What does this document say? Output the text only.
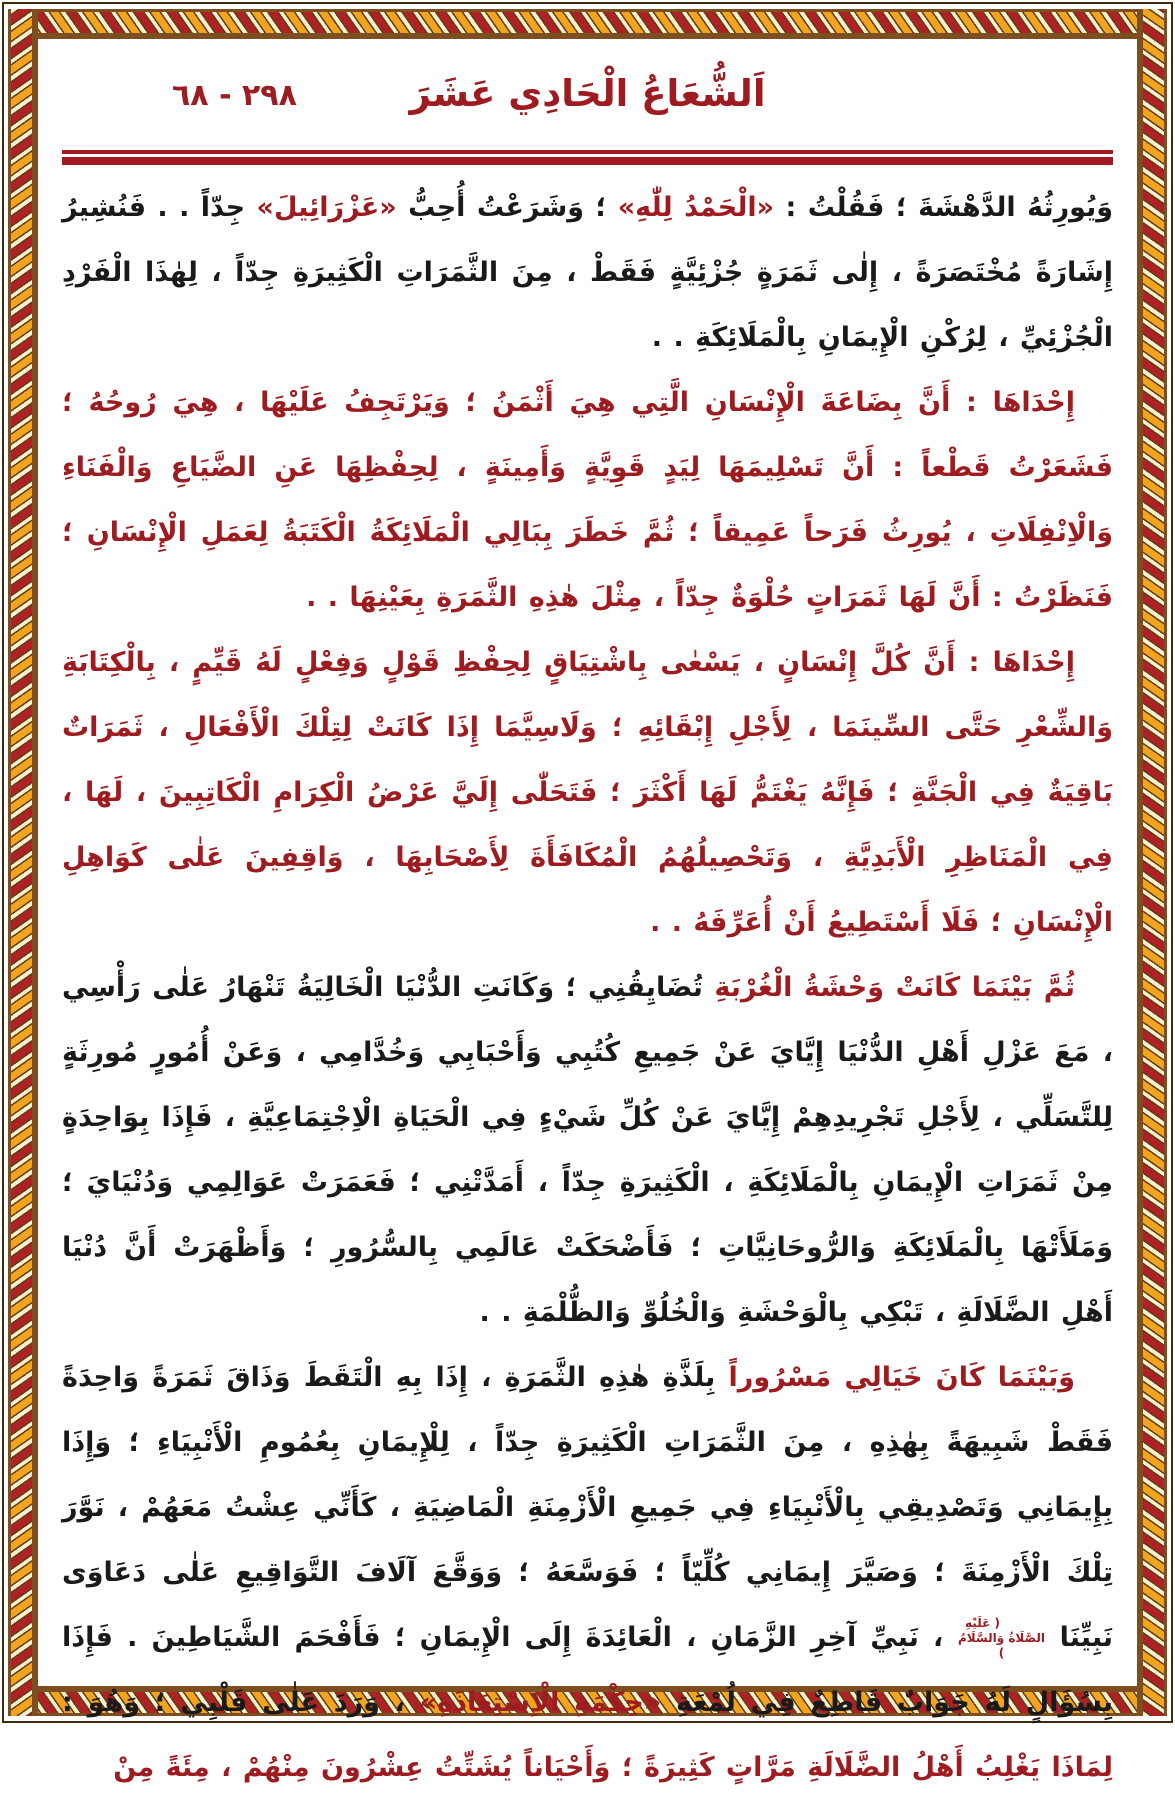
اَلشُّعَاعُ الْحَادِي عَشَرَ
٢٩٨ - ٦٨

وَيُورِثُهُ الدَّهْشَةَ ؛ فَقُلْتُ : «الْحَمْدُ لِلّٰهِ» ؛ وَشَرَعْتُ أُحِبُّ «عَزْرَائِيلَ» جِدّاً . . فَنُشِيرُ إِشَارَةً مُخْتَصَرَةً ، إِلٰى ثَمَرَةٍ جُزْئِيَّةٍ فَقَطْ ، مِنَ الثَّمَرَاتِ الْكَثِيرَةِ جِدّاً ، لِهٰذَا الْفَرْدِ الْجُزْئِيِّ ، لِرُكْنِ الْإِيمَانِ بِالْمَلَائِكَةِ . .

إِحْدَاهَا : أَنَّ بِضَاعَةَ الْإِنْسَانِ الَّتِي هِيَ أَثْمَنُ ؛ وَيَرْتَجِفُ عَلَيْهَا ، هِيَ رُوحُهُ ؛ فَشَعَرْتُ قَطْعاً : أَنَّ تَسْلِيمَهَا لِيَدٍ قَوِيَّةٍ وَأَمِينَةٍ ، لِحِفْظِهَا عَنِ الضَّيَاعِ وَالْفَنَاءِ وَالْاِنْفِلَاتِ ، يُورِثُ فَرَحاً عَمِيقاً ؛ ثُمَّ خَطَرَ بِبَالِي الْمَلَائِكَةُ الْكَتَبَةُ لِعَمَلِ الْإِنْسَانِ ؛ فَنَظَرْتُ : أَنَّ لَهَا ثَمَرَاتٍ حُلْوَةٌ جِدّاً ، مِثْلَ هٰذِهِ الثَّمَرَةِ بِعَيْنِهَا . .

إِحْدَاهَا : أَنَّ كُلَّ إِنْسَانٍ ، يَسْعٰى بِاشْتِيَاقٍ لِحِفْظِ قَوْلٍ وَفِعْلٍ لَهُ قَيِّمٍ ، بِالْكِتَابَةِ وَالشِّعْرِ حَتَّى السِّينَمَا ، لِأَجْلِ إِبْقَائِهِ ؛ وَلَاسِيَّمَا إِذَا كَانَتْ لِتِلْكَ الْأَفْعَالِ ، ثَمَرَاتٌ بَاقِيَةٌ فِي الْجَنَّةِ ؛ فَإِنَّهُ يَغْتَمُّ لَهَا أَكْثَرَ ؛ فَتَحَلّٰى إِلَيَّ عَرْضُ الْكِرَامِ الْكَاتِبِينَ ، لَهَا ، فِي الْمَنَاظِرِ الْأَبَدِيَّةِ ، وَتَحْصِيلُهُمُ الْمُكَافَأَةَ لِأَصْحَابِهَا ، وَاقِفِينَ عَلٰى كَوَاهِلِ الْإِنْسَانِ ؛ فَلَا أَسْتَطِيعُ أَنْ أُعَرِّفَهُ . .

ثُمَّ بَيْنَمَا كَانَتْ وَحْشَةُ الْغُرْبَةِ تُضَايِقُنِي ؛ وَكَانَتِ الدُّنْيَا الْخَالِيَةُ تَنْهَارُ عَلٰى رَأْسِي ، مَعَ عَزْلِ أَهْلِ الدُّنْيَا إِيَّايَ عَنْ جَمِيعِ كُتُبِي وَأَحْبَابِي وَخُدَّامِي ، وَعَنْ أُمُورٍ مُورِثَةٍ لِلتَّسَلِّي ، لِأَجْلِ تَجْرِيدِهِمْ إِيَّايَ عَنْ كُلِّ شَيْءٍ فِي الْحَيَاةِ الْاِجْتِمَاعِيَّةِ ، فَإِذَا بِوَاحِدَةٍ مِنْ ثَمَرَاتِ الْإِيمَانِ بِالْمَلَائِكَةِ ، الْكَثِيرَةِ جِدّاً ، أَمَدَّتْنِي ؛ فَعَمَرَتْ عَوَالِمِي وَدُنْيَايَ ؛ وَمَلَأَتْهَا بِالْمَلَائِكَةِ وَالرُّوحَانِيَّاتِ ؛ فَأَضْحَكَتْ عَالَمِي بِالسُّرُورِ ؛ وَأَظْهَرَتْ أَنَّ دُنْيَا أَهْلِ الضَّلَالَةِ ، تَبْكِي بِالْوَحْشَةِ وَالْخُلُوِّ وَالظُّلْمَةِ . .

وَبَيْنَمَا كَانَ خَيَالِي مَسْرُوراً بِلَذَّةِ هٰذِهِ الثَّمَرَةِ ، إِذَا بِهِ الْتَقَطَ وَذَاقَ ثَمَرَةً وَاحِدَةً فَقَطْ شَبِيهَةً بِهٰذِهِ ، مِنَ الثَّمَرَاتِ الْكَثِيرَةِ جِدّاً ، لِلْإِيمَانِ بِعُمُومِ الْأَنْبِيَاءِ ؛ وَإِذَا بِإِيمَانِي وَتَصْدِيقِي بِالْأَنْبِيَاءِ فِي جَمِيعِ الْأَزْمِنَةِ الْمَاضِيَةِ ، كَأَنِّي عِشْتُ مَعَهُمْ ، نَوَّرَ تِلْكَ الْأَزْمِنَةَ ؛ وَصَيَّرَ إِيمَانِي كُلِّيّاً ؛ فَوَسَّعَهُ ؛ وَوَقَّعَ آلَافَ التَّوَاقِيعِ عَلٰى دَعَاوَى نَبِيِّنَا ( عَلَيْهِ الصَّلَاةُ وَالسَّلَامُ ) ، نَبِيِّ آخِرِ الزَّمَانِ ، الْعَائِدَةَ إِلَى الْإِيمَانِ ؛ فَأَفْحَمَ الشَّيَاطِينَ . فَإِذَا بِسُؤَالٍ لَهُ جَوَابٌ قَاطِعٌ فِي لُمْعَةِ «حِكْمَةِ الْاِسْتِعَاذَةِ» ، وَرَدَ عَلٰى قَلْبِي ؛ وَهُوَ : لِمَاذَا يَغْلِبُ أَهْلُ الضَّلَالَةِ مَرَّاتٍ كَثِيرَةً ؛ وَأَحْيَاناً يُشَتِّتُ عِشْرُونَ مِنْهُمْ ، مِئَةً مِنْ
